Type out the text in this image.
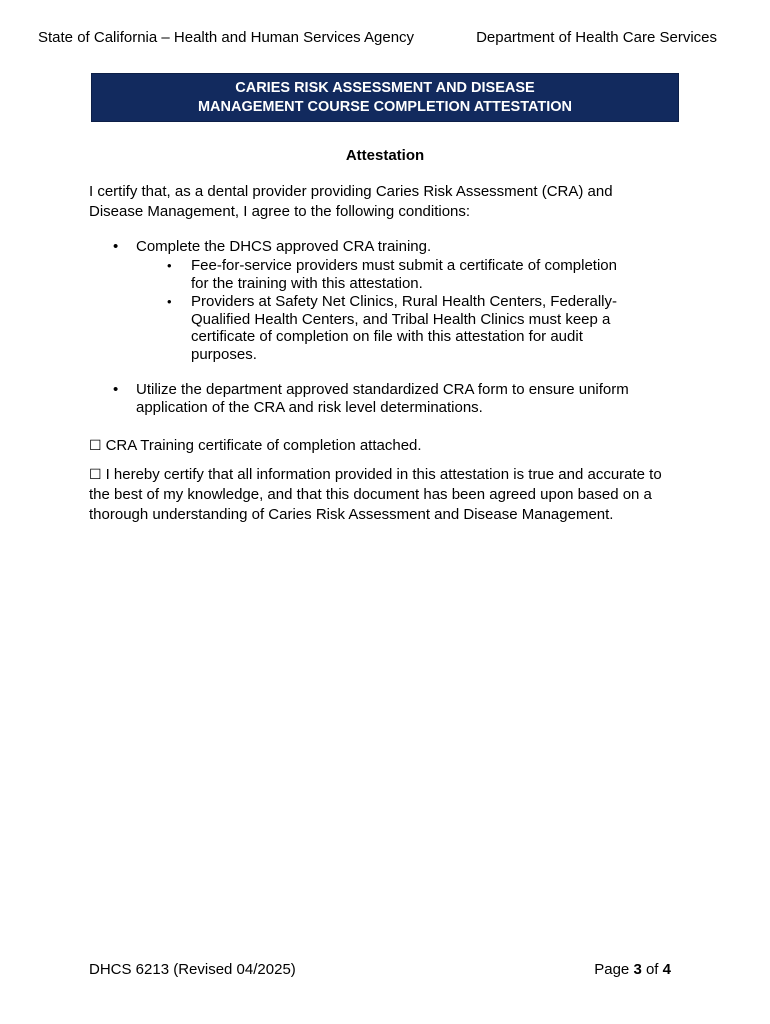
State of California – Health and Human Services Agency	Department of Health Care Services
CARIES RISK ASSESSMENT AND DISEASE
MANAGEMENT COURSE COMPLETION ATTESTATION
Attestation
I certify that, as a dental provider providing Caries Risk Assessment (CRA) and
Disease Management, I agree to the following conditions:
• Complete the DHCS approved CRA training.
• Fee-for-service providers must submit a certificate of completion
for the training with this attestation.
• Providers at Safety Net Clinics, Rural Health Centers, Federally-
Qualified Health Centers, and Tribal Health Clinics must keep a
certificate of completion on file with this attestation for audit
purposes.
• Utilize the department approved standardized CRA form to ensure uniform
application of the CRA and risk level determinations.
☐ CRA Training certificate of completion attached.
☐ I hereby certify that all information provided in this attestation is true and accurate to
the best of my knowledge, and that this document has been agreed upon based on a
thorough understanding of Caries Risk Assessment and Disease Management.
DHCS 6213 (Revised 04/2025)	Page 3 of 4
